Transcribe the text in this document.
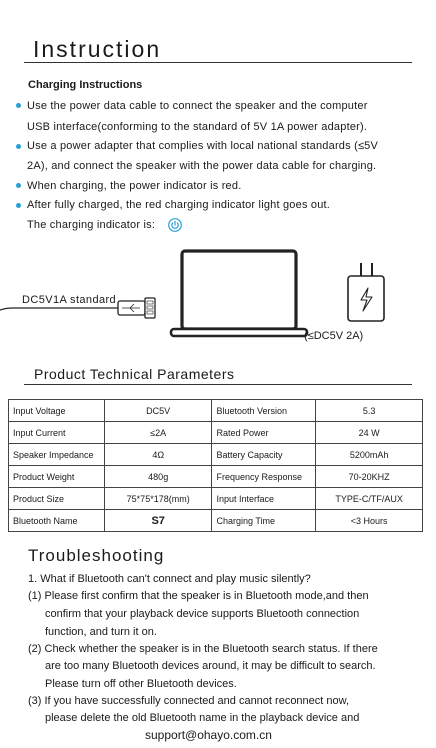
Instruction
Charging Instructions
Use the power data cable to connect the speaker and the computer
USB interface(conforming to the standard of 5V 1A power adapter).
Use a power adapter that complies with local national standards (≤5V
2A), and connect the speaker with the power data cable for charging.
When charging, the power indicator is red.
After fully charged, the red charging indicator light goes out.
The charging indicator is:
DC5V1A standard
(≤DC5V 2A)
Product Technical Parameters
Input Voltage	DC5V	Bluetooth Version	5.3
Input Current	≤2A	Rated Power	24 W
Speaker Impedance	4Ω	Battery Capacity	5200mAh
Product Weight	480g	Frequency Response	70-20KHZ
Product Size	75*75*178(mm)	Input Interface	TYPE-C/TF/AUX
Bluetooth Name	S7	Charging Time	<3 Hours
Troubleshooting
1. What if Bluetooth can't connect and play music silently?
(1) Please first confirm that the speaker is in Bluetooth mode,and then
confirm that your playback device supports Bluetooth connection
function, and turn it on.
(2) Check whether the speaker is in the Bluetooth search status. If there
are too many Bluetooth devices around, it may be difficult to search.
Please turn off other Bluetooth devices.
(3) If you have successfully connected and cannot reconnect now,
please delete the old Bluetooth name in the playback device and
support@ohayo.com.cn
